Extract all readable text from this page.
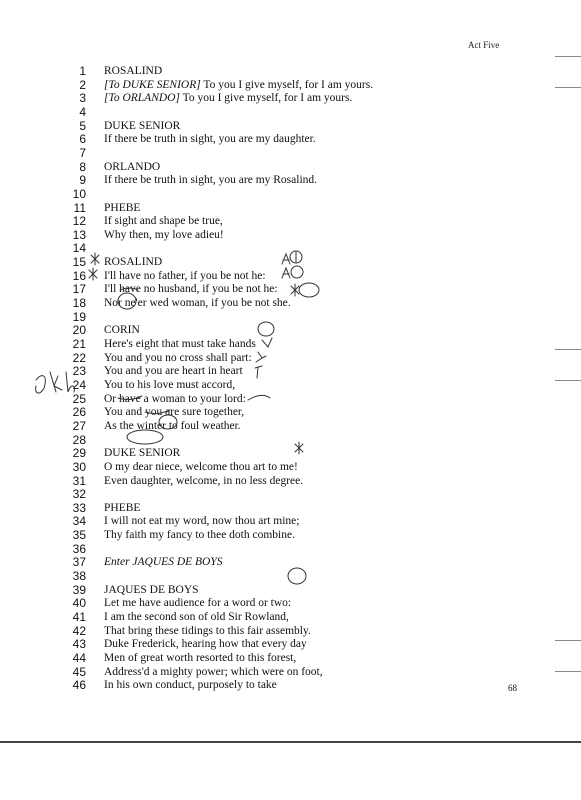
Act Five
1 ROSALIND
2 [To DUKE SENIOR] To you I give myself, for I am yours.
3 [To ORLANDO] To you I give myself, for I am yours.
4
5 DUKE SENIOR
6 If there be truth in sight, you are my daughter.
7
8 ORLANDO
9 If there be truth in sight, you are my Rosalind.
10
11 PHEBE
12 If sight and shape be true,
13 Why then, my love adieu!
14
15 ROSALIND
16 I'll have no father, if you be not he:
17 I'll have no husband, if you be not he:
18 Nor ne'er wed woman, if you be not she.
19
20 CORIN
21 Here's eight that must take hands
22 You and you no cross shall part:
23 You and you are heart in heart
24 You to his love must accord,
25 Or have a woman to your lord:
26 You and you are sure together,
27 As the winter to foul weather.
28
29 DUKE SENIOR
30 O my dear niece, welcome thou art to me!
31 Even daughter, welcome, in no less degree.
32
33 PHEBE
34 I will not eat my word, now thou art mine;
35 Thy faith my fancy to thee doth combine.
36
37 Enter JAQUES DE BOYS
38
39 JAQUES DE BOYS
40 Let me have audience for a word or two:
41 I am the second son of old Sir Rowland,
42 That bring these tidings to this fair assembly.
43 Duke Frederick, hearing how that every day
44 Men of great worth resorted to this forest,
45 Address'd a mighty power; which were on foot,
46 In his own conduct, purposely to take	68
